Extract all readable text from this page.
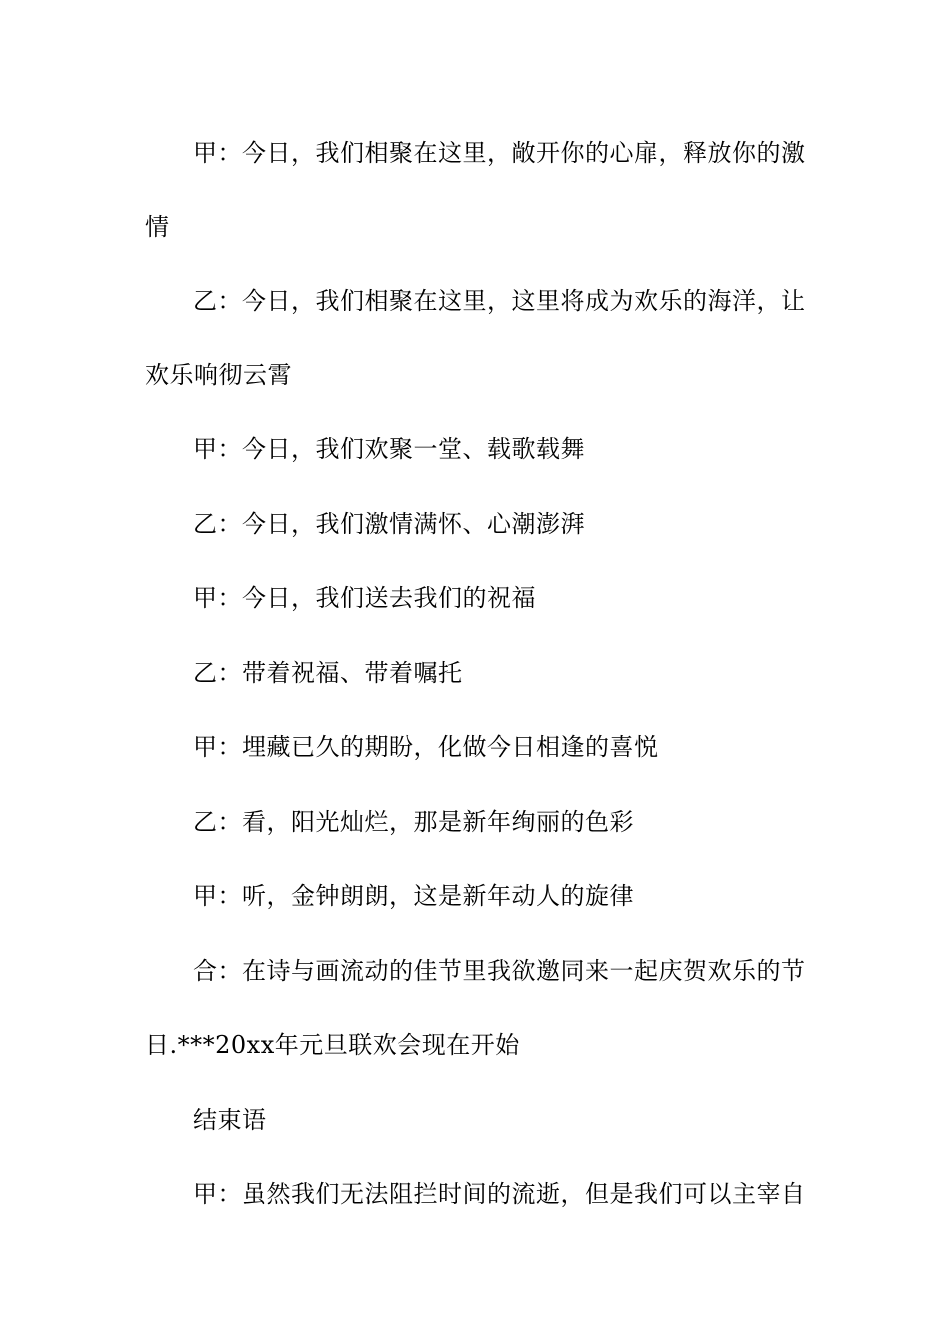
甲：今日，我们相聚在这里，敞开你的心扉，释放你的激
情
乙：今日，我们相聚在这里，这里将成为欢乐的海洋，让
欢乐响彻云霄
甲：今日，我们欢聚一堂、载歌载舞
乙：今日，我们激情满怀、心潮澎湃
甲：今日，我们送去我们的祝福
乙：带着祝福、带着嘱托
甲：埋藏已久的期盼，化做今日相逢的喜悦
乙：看，阳光灿烂，那是新年绚丽的色彩
甲：听，金钟朗朗，这是新年动人的旋律
合：在诗与画流动的佳节里我欲邀同来一起庆贺欢乐的节
日.***20xx年元旦联欢会现在开始
结束语
甲：虽然我们无法阻拦时间的流逝，但是我们可以主宰自
